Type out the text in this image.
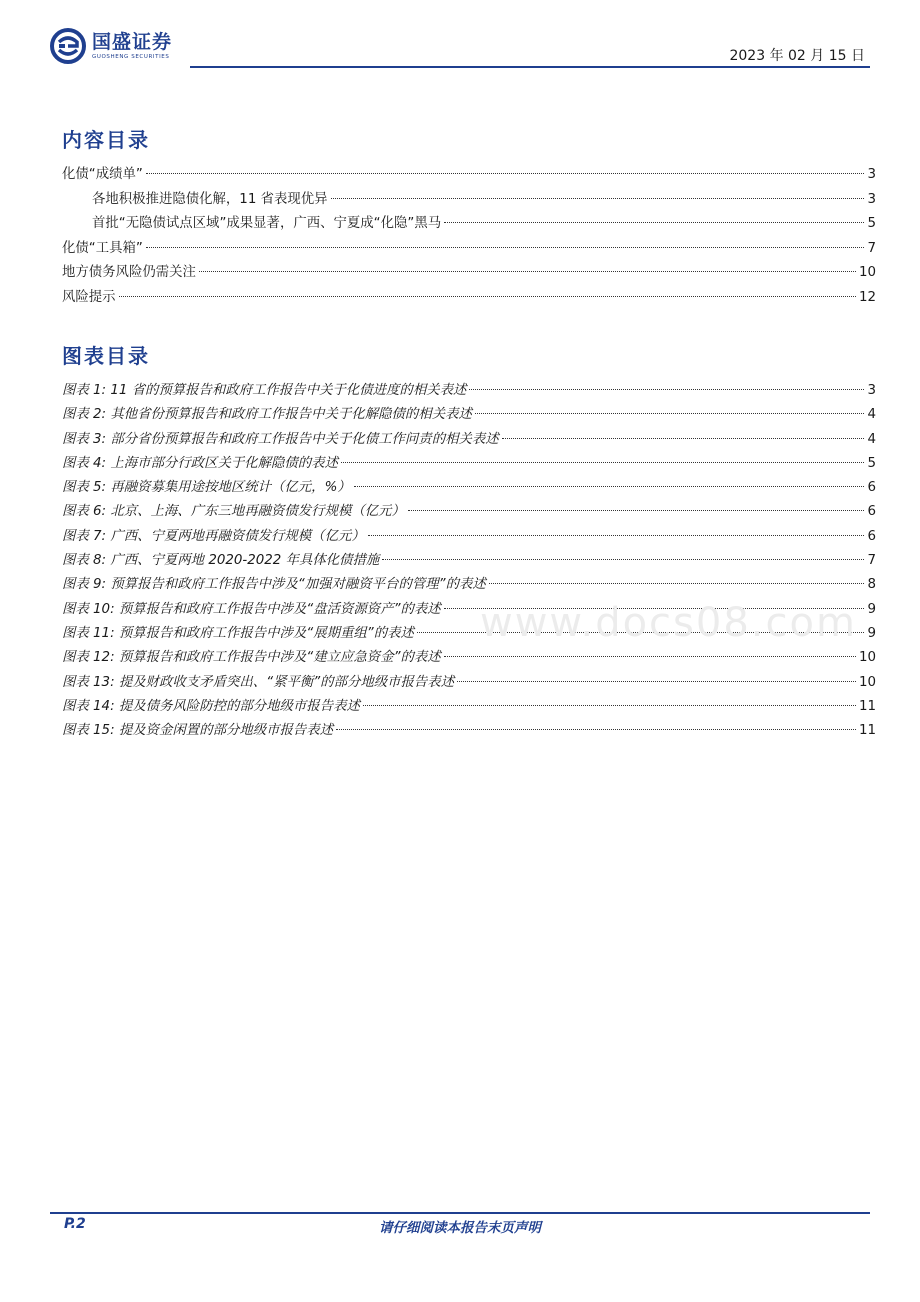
国盛证券
GUOSHENG SECURITIES	2023 年 02 月 15 日
内容目录
化债“成绩单”	3
各地积极推进隐债化解，11 省表现优异	3
首批“无隐债试点区域”成果显著，广西、宁夏成“化隐”黑马	5
化债“工具箱”	7
地方债务风险仍需关注	10
风险提示	12
图表目录
图表 1: 11 省的预算报告和政府工作报告中关于化债进度的相关表述	3
图表 2: 其他省份预算报告和政府工作报告中关于化解隐债的相关表述	4
图表 3: 部分省份预算报告和政府工作报告中关于化债工作问责的相关表述	4
图表 4: 上海市部分行政区关于化解隐债的表述	5
图表 5: 再融资募集用途按地区统计（亿元，%）	6
图表 6: 北京、上海、广东三地再融资债发行规模（亿元）	6
图表 7: 广西、宁夏两地再融资债发行规模（亿元）	6
图表 8: 广西、宁夏两地 2020-2022 年具体化债措施	7
图表 9: 预算报告和政府工作报告中涉及“加强对融资平台的管理”的表述	8
图表 10: 预算报告和政府工作报告中涉及“盘活资源资产”的表述	9
图表 11: 预算报告和政府工作报告中涉及“展期重组”的表述	9
图表 12: 预算报告和政府工作报告中涉及“建立应急资金”的表述	10
图表 13: 提及财政收支矛盾突出、“紧平衡”的部分地级市报告表述	10
图表 14: 提及债务风险防控的部分地级市报告表述	11
图表 15: 提及资金闲置的部分地级市报告表述	11
www.docs08.com
请仔细阅读本报告末页声明
P.2
